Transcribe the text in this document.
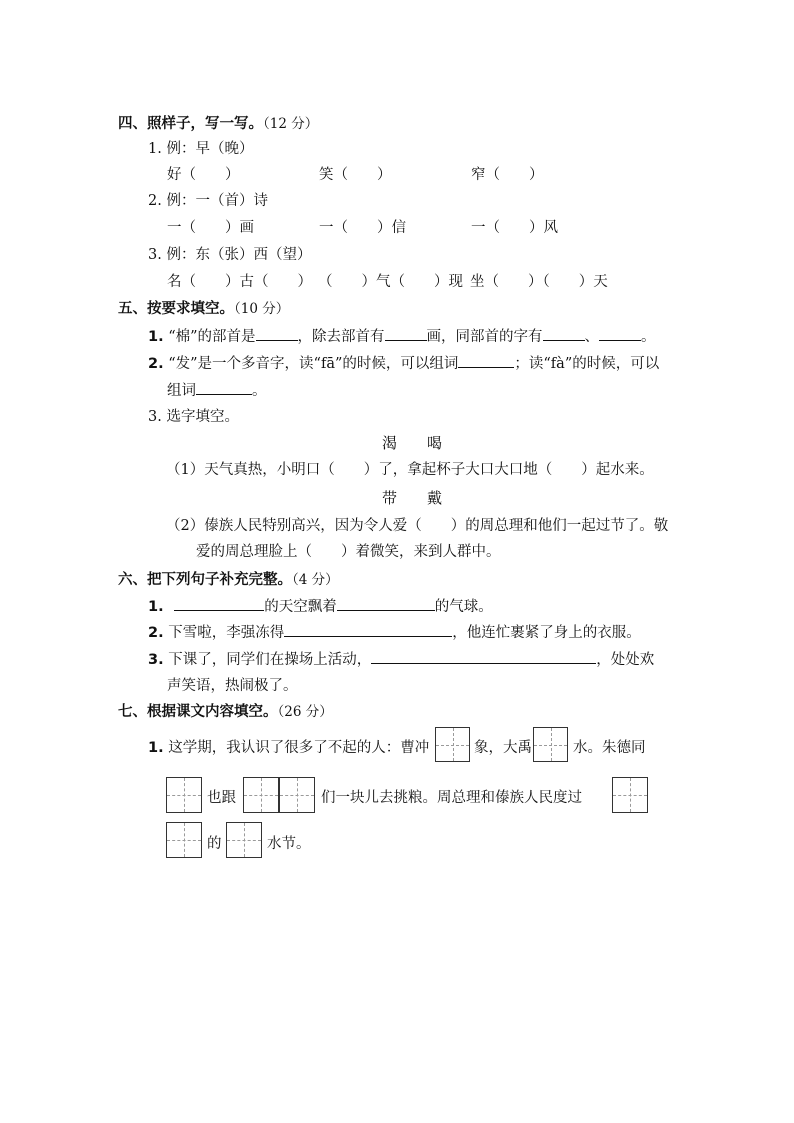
四、照样子，写一写。（12 分）
1. 例：早（晚）
好（　　）	笑（　　）	窄（　　）
2. 例：一（首）诗
一（　　）画	一（　　）信	一（　　）风
3. 例：东（张）西（望）
名（　　）古（　　） （　　）气（　　）现 坐（　　）（　　）天
五、按要求填空。（10 分）
1. “棉”的部首是	，除去部首有	画，同部首的字有	、	。
2. “发”是一个多音字，读“fā”的时候，可以组词	；读“fà”的时候，可以
组词	。
3. 选字填空。
渴　　喝
（1）天气真热，小明口（　　）了，拿起杯子大口大口地（　　）起水来。
带　　戴
（2）傣族人民特别高兴，因为令人爱（　　）的周总理和他们一起过节了。敬
爱的周总理脸上（　　）着微笑，来到人群中。
六、把下列句子补充完整。（4 分）
1.	的天空飘着	的气球。
2. 下雪啦，李强冻得	，他连忙裹紧了身上的衣服。
3. 下课了，同学们在操场上活动，	，处处欢
声笑语，热闹极了。
七、根据课文内容填空。（26 分）
1. 这学期，我认识了很多了不起的人：曹冲	象，大禹	水。朱德同
也跟	们一块儿去挑粮。周总理和傣族人民度过
的	水节。
